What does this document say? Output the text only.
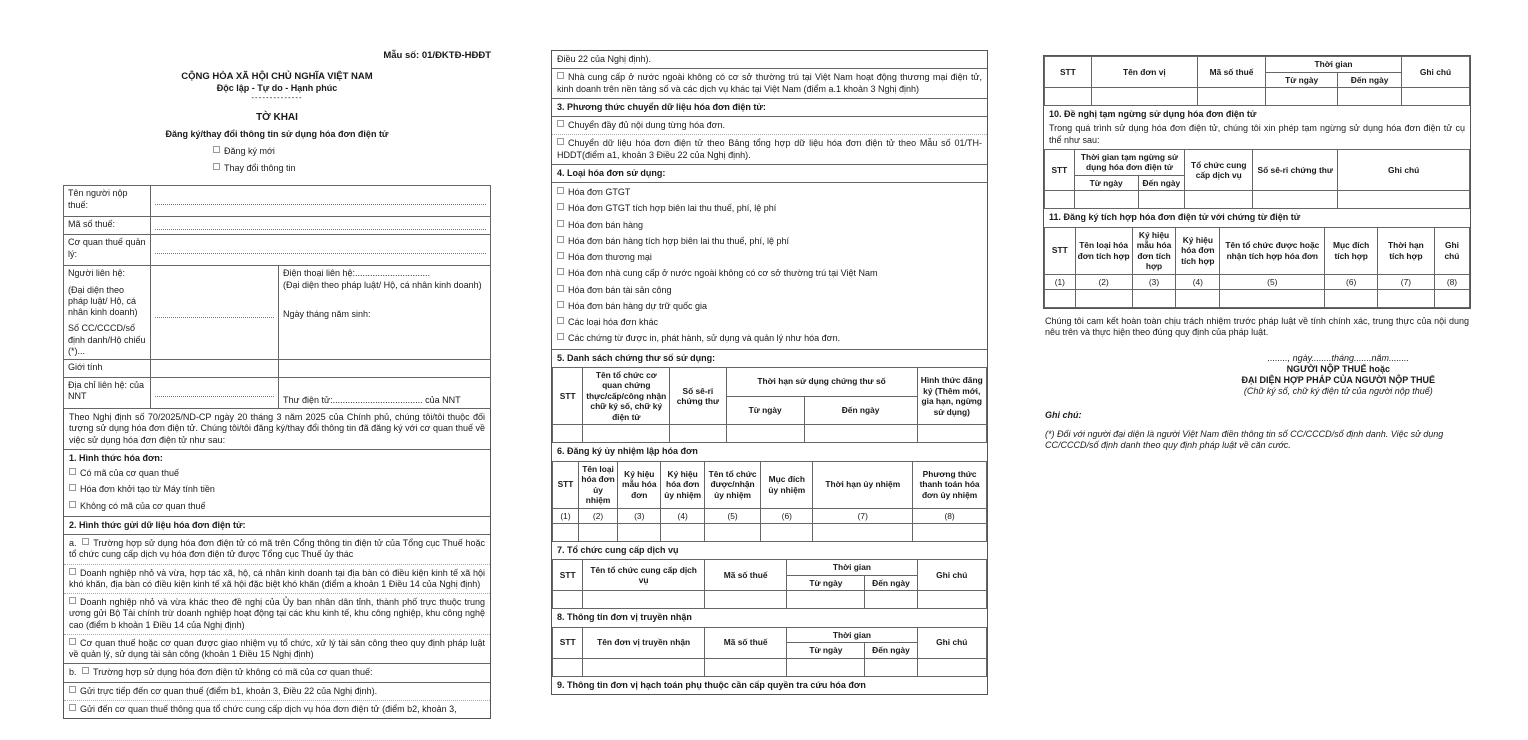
Mẫu số: 01/ĐKTĐ-HĐĐT
CỘNG HÒA XÃ HỘI CHỦ NGHĨA VIỆT NAM
Độc lập - Tự do - Hạnh phúc
--------------
TỜ KHAI
Đăng ký/thay đổi thông tin sử dụng hóa đơn điện tử
Đăng ký mới
Thay đổi thông tin
Tên người nộp thuế:		

Mã số thuế:		

Cơ quan thuế quản lý:		

Người liên hệ:
(Đại diện theo pháp luật/ Hộ, cá nhân kinh doanh)
Số CC/CCCD/số định danh/Hộ chiếu (*)...

Điện thoại liên hệ:..............................
(Đại diện theo pháp luật/ Hộ, cá nhân kinh doanh)
Ngày tháng năm sinh:

Giới tính		
Địa chỉ liên hệ: của NNT		Thư điện tử:.................................... của NNT
Theo Nghị định số 70/2025/ND-CP ngày 20 tháng 3 năm 2025 của Chính phủ, chúng tôi/tôi thuộc đối tượng sử dụng hóa đơn điện tử. Chúng tôi/tôi đăng ký/thay đổi thông tin đã đăng ký với cơ quan thuế về việc sử dụng hóa đơn điện tử như sau:
1. Hình thức hóa đơn:
Có mã của cơ quan thuế
Hóa đơn khởi tạo từ Máy tính tiền
Không có mã của cơ quan thuế
2. Hình thức gửi dữ liệu hóa đơn điện tử:
a. Trường hợp sử dụng hóa đơn điện tử có mã trên Cổng thông tin điện tử của Tổng cục Thuế hoặc tổ chức cung cấp dịch vụ hóa đơn điện tử được Tổng cục Thuế ủy thác
Doanh nghiệp nhỏ và vừa, hợp tác xã, hộ, cá nhân kinh doanh tại địa bàn có điều kiện kinh tế xã hội khó khăn, địa bàn có điều kiện kinh tế xã hội đặc biệt khó khăn (điểm a khoản 1 Điều 14 của Nghị định)
Doanh nghiệp nhỏ và vừa khác theo đề nghị của Ủy ban nhân dân tỉnh, thành phố trực thuộc trung ương gửi Bộ Tài chính trừ doanh nghiệp hoạt động tại các khu kinh tế, khu công nghiệp, khu công nghệ cao (điểm b khoản 1 Điều 14 của Nghị định)
Cơ quan thuế hoặc cơ quan được giao nhiệm vụ tổ chức, xử lý tài sản công theo quy định pháp luật về quản lý, sử dụng tài sản công (khoản 1 Điều 15 Nghị định)
b. Trường hợp sử dụng hóa đơn điện tử không có mã của cơ quan thuế:
Gửi trực tiếp đến cơ quan thuế (điểm b1, khoản 3, Điều 22 của Nghị định).
Gửi đến cơ quan thuế thông qua tổ chức cung cấp dịch vụ hóa đơn điện tử (điểm b2, khoản 3,
Điều 22 của Nghị định).
Nhà cung cấp ở nước ngoài không có cơ sở thường trú tại Việt Nam hoạt động thương mại điện tử, kinh doanh trên nền tảng số và các dịch vụ khác tại Việt Nam (điểm a.1 khoản 3 Nghị định)
3. Phương thức chuyển dữ liệu hóa đơn điện tử:
Chuyển đầy đủ nội dung từng hóa đơn.
Chuyển dữ liệu hóa đơn điện tử theo Bảng tổng hợp dữ liệu hóa đơn điện tử theo Mẫu số 01/TH-HDDT(điểm a1, khoản 3 Điều 22 của Nghị định).
4. Loại hóa đơn sử dụng:
Hóa đơn GTGT
Hóa đơn GTGT tích hợp biên lai thu thuế, phí, lệ phí
Hóa đơn bán hàng
Hóa đơn bán hàng tích hợp biên lai thu thuế, phí, lệ phí
Hóa đơn thương mại
Hóa đơn nhà cung cấp ở nước ngoài không có cơ sở thường trú tại Việt Nam
Hóa đơn bán tài sản công
Hóa đơn bán hàng dự trữ quốc gia
Các loại hóa đơn khác
Các chứng từ được in, phát hành, sử dụng và quản lý như hóa đơn.
5. Danh sách chứng thư số sử dụng:
STT	Tên tổ chức cơ quan chứng thực/cấp/công nhận chữ ký số, chữ ký điện tử	Số sê-ri chứng thư	Thời hạn sử dụng chứng thư số		Hình thức đăng ký (Thêm mới, gia hạn, ngừng sử dụng)
			Từ ngày	Đến ngày	

6. Đăng ký ủy nhiệm lập hóa đơn
STT	Tên loại hóa đơn ủy nhiệm	Ký hiệu mẫu hóa đơn	Ký hiệu hóa đơn ủy nhiệm	Tên tổ chức được/nhận ủy nhiệm	Mục đích ủy nhiệm	Thời hạn ủy nhiệm	Phương thức thanh toán hóa đơn ủy nhiệm
(1)	(2)	(3)	(4)	(5)	(6)	(7)	(8)

7. Tổ chức cung cấp dịch vụ
STT	Tên tổ chức cung cấp dịch vụ	Mã số thuế	Thời gian		Ghi chú
			Từ ngày	Đến ngày	

8. Thông tin đơn vị truyền nhận
STT	Tên đơn vị truyền nhận	Mã số thuế	Thời gian		Ghi chú
			Từ ngày	Đến ngày	

9. Thông tin đơn vị hạch toán phụ thuộc cần cấp quyền tra cứu hóa đơn
STT	Tên đơn vị	Mã số thuế	Thời gian		Ghi chú
			Từ ngày	Đến ngày	

10. Đề nghị tạm ngừng sử dụng hóa đơn điện tử
Trong quá trình sử dụng hóa đơn điện tử, chúng tôi xin phép tạm ngừng sử dụng hóa đơn điện tử cụ thể như sau:
STT	Thời gian tạm ngừng sử dụng hóa đơn điện tử		Tổ chức cung cấp dịch vụ	Số sê-ri chứng thư	Ghi chú
	Từ ngày	Đến ngày			

11. Đăng ký tích hợp hóa đơn điện tử với chứng từ điện tử
STT	Tên loại hóa đơn tích hợp	Ký hiệu mẫu hóa đơn tích hợp	Ký hiệu hóa đơn tích hợp	Tên tổ chức được hoặc nhận tích hợp hóa đơn	Mục đích tích hợp	Thời hạn tích hợp	Ghi chú
(1)	(2)	(3)	(4)	(5)	(6)	(7)	(8)

Chúng tôi cam kết hoàn toàn chịu trách nhiệm trước pháp luật về tính chính xác, trung thực của nội dung nêu trên và thực hiện theo đúng quy định của pháp luật.
........, ngày........tháng.......năm........
NGƯỜI NỘP THUẾ hoặc
ĐẠI DIỆN HỢP PHÁP CỦA NGƯỜI NỘP THUẾ
(Chữ ký số, chữ ký điện tử của người nộp thuế)
Ghi chú:
(*) Đối với người đại diện là người Việt Nam điền thông tin số CC/CCCD/số định danh. Việc sử dụng CC/CCCD/số định danh theo quy định pháp luật về căn cước.
